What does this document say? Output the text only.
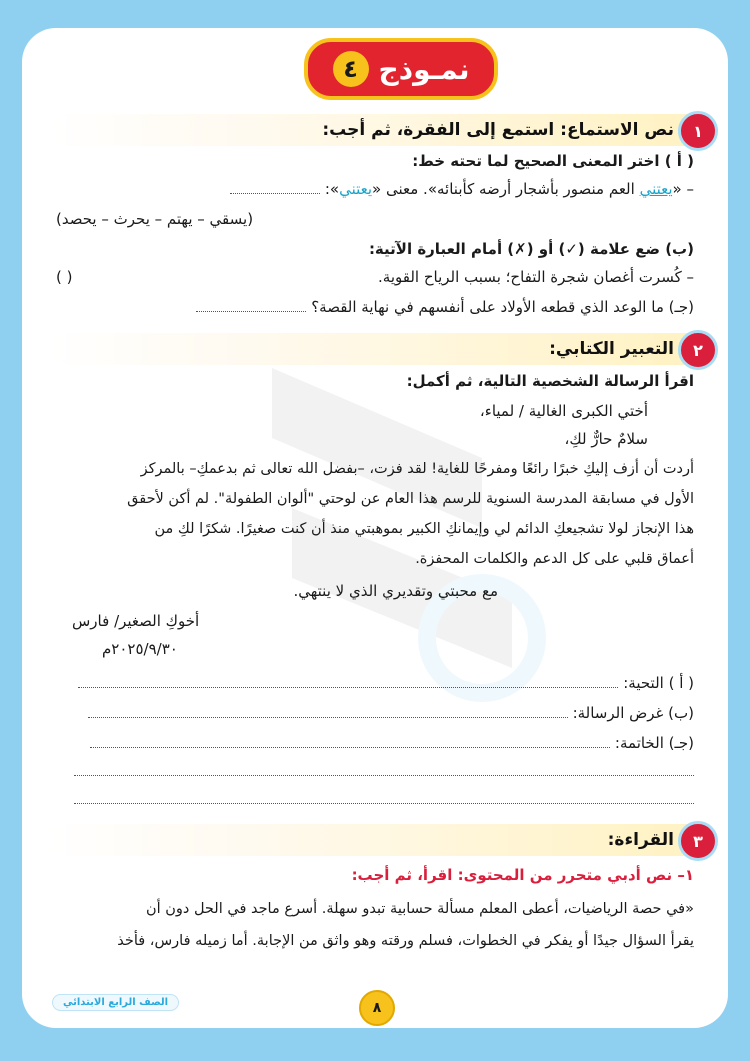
نمـوذج
٤
١
نص الاستماع: استمع إلى الفقرة، ثم أجب:
( أ ) اختر المعنى الصحيح لما تحته خط:
– «يعتني العم منصور بأشجار أرضه كأبنائه». معنى «يعتني»:
(يسقي – يهتم – يحرث – يحصد)
(ب) ضع علامة (✓) أو (✗) أمام العبارة الآتية:
– كُسرت أغصان شجرة التفاح؛ بسبب الرياح القوية.
( )
(جـ) ما الوعد الذي قطعه الأولاد على أنفسهم في نهاية القصة؟
٢
التعبير الكتابي:
اقرأ الرسالة الشخصية التالية، ثم أكمل:
أختي الكبرى الغالية / لمياء،
سلامٌ حارٌّ لكِ،
أردت أن أزف إليكِ خبرًا رائعًا ومفرحًا للغاية! لقد فزت، –بفضل الله تعالى ثم بدعمكِ– بالمركز
الأول في مسابقة المدرسة السنوية للرسم هذا العام عن لوحتي "ألوان الطفولة". لم أكن لأحقق
هذا الإنجاز لولا تشجيعكِ الدائم لي وإيمانكِ الكبير بموهبتي منذ أن كنت صغيرًا. شكرًا لكِ من
أعماق قلبي على كل الدعم والكلمات المحفزة.
مع محبتي وتقديري الذي لا ينتهي.
أخوكِ الصغير/ فارس
٢٠٢٥/٩/٣٠م
( أ ) التحية:
(ب) غرض الرسالة:
(جـ) الخاتمة:
٣
القراءة:
١– نص أدبي متحرر من المحتوى: اقرأ، ثم أجب:
«في حصة الرياضيات، أعطى المعلم مسألة حسابية تبدو سهلة. أسرع ماجد في الحل دون أن
يقرأ السؤال جيدًا أو يفكر في الخطوات، فسلم ورقته وهو واثق من الإجابة. أما زميله فارس، فأخذ
الصف الرابع الابتدائي	٨
